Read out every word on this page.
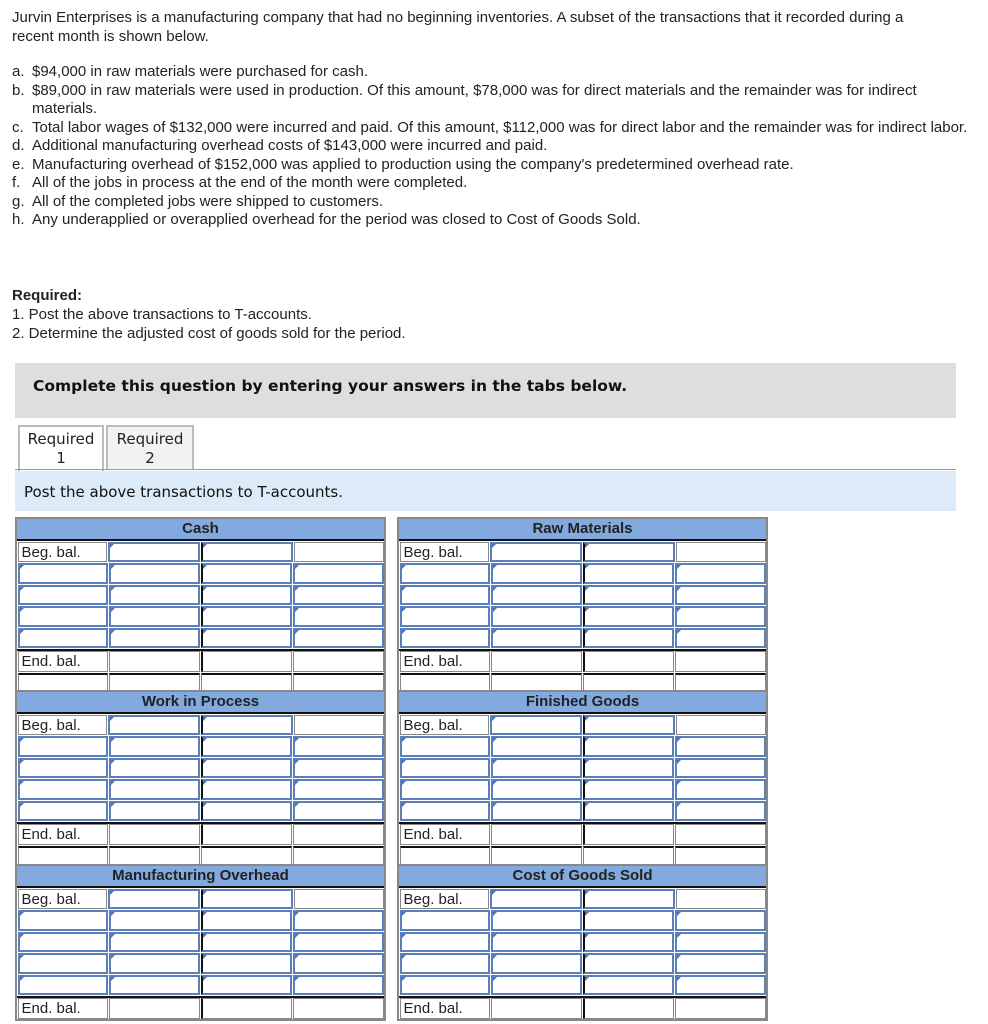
Jurvin Enterprises is a manufacturing company that had no beginning inventories. A subset of the transactions that it recorded during a recent month is shown below.
a. $94,000 in raw materials were purchased for cash.
b. $89,000 in raw materials were used in production. Of this amount, $78,000 was for direct materials and the remainder was for indirect materials.
c. Total labor wages of $132,000 were incurred and paid. Of this amount, $112,000 was for direct labor and the remainder was for indirect labor.
d. Additional manufacturing overhead costs of $143,000 were incurred and paid.
e. Manufacturing overhead of $152,000 was applied to production using the company's predetermined overhead rate.
f. All of the jobs in process at the end of the month were completed.
g. All of the completed jobs were shipped to customers.
h. Any underapplied or overapplied overhead for the period was closed to Cost of Goods Sold.
Required:
1. Post the above transactions to T-accounts.
2. Determine the adjusted cost of goods sold for the period.
Complete this question by entering your answers in the tabs below.
Required
1
Required
2
Post the above transactions to T-accounts.
Cash
Beg. bal.
End. bal.
Raw Materials
Beg. bal.
End. bal.
Work in Process
Beg. bal.
End. bal.
Finished Goods
Beg. bal.
End. bal.
Manufacturing Overhead
Beg. bal.
End. bal.
Cost of Goods Sold
Beg. bal.
End. bal.
